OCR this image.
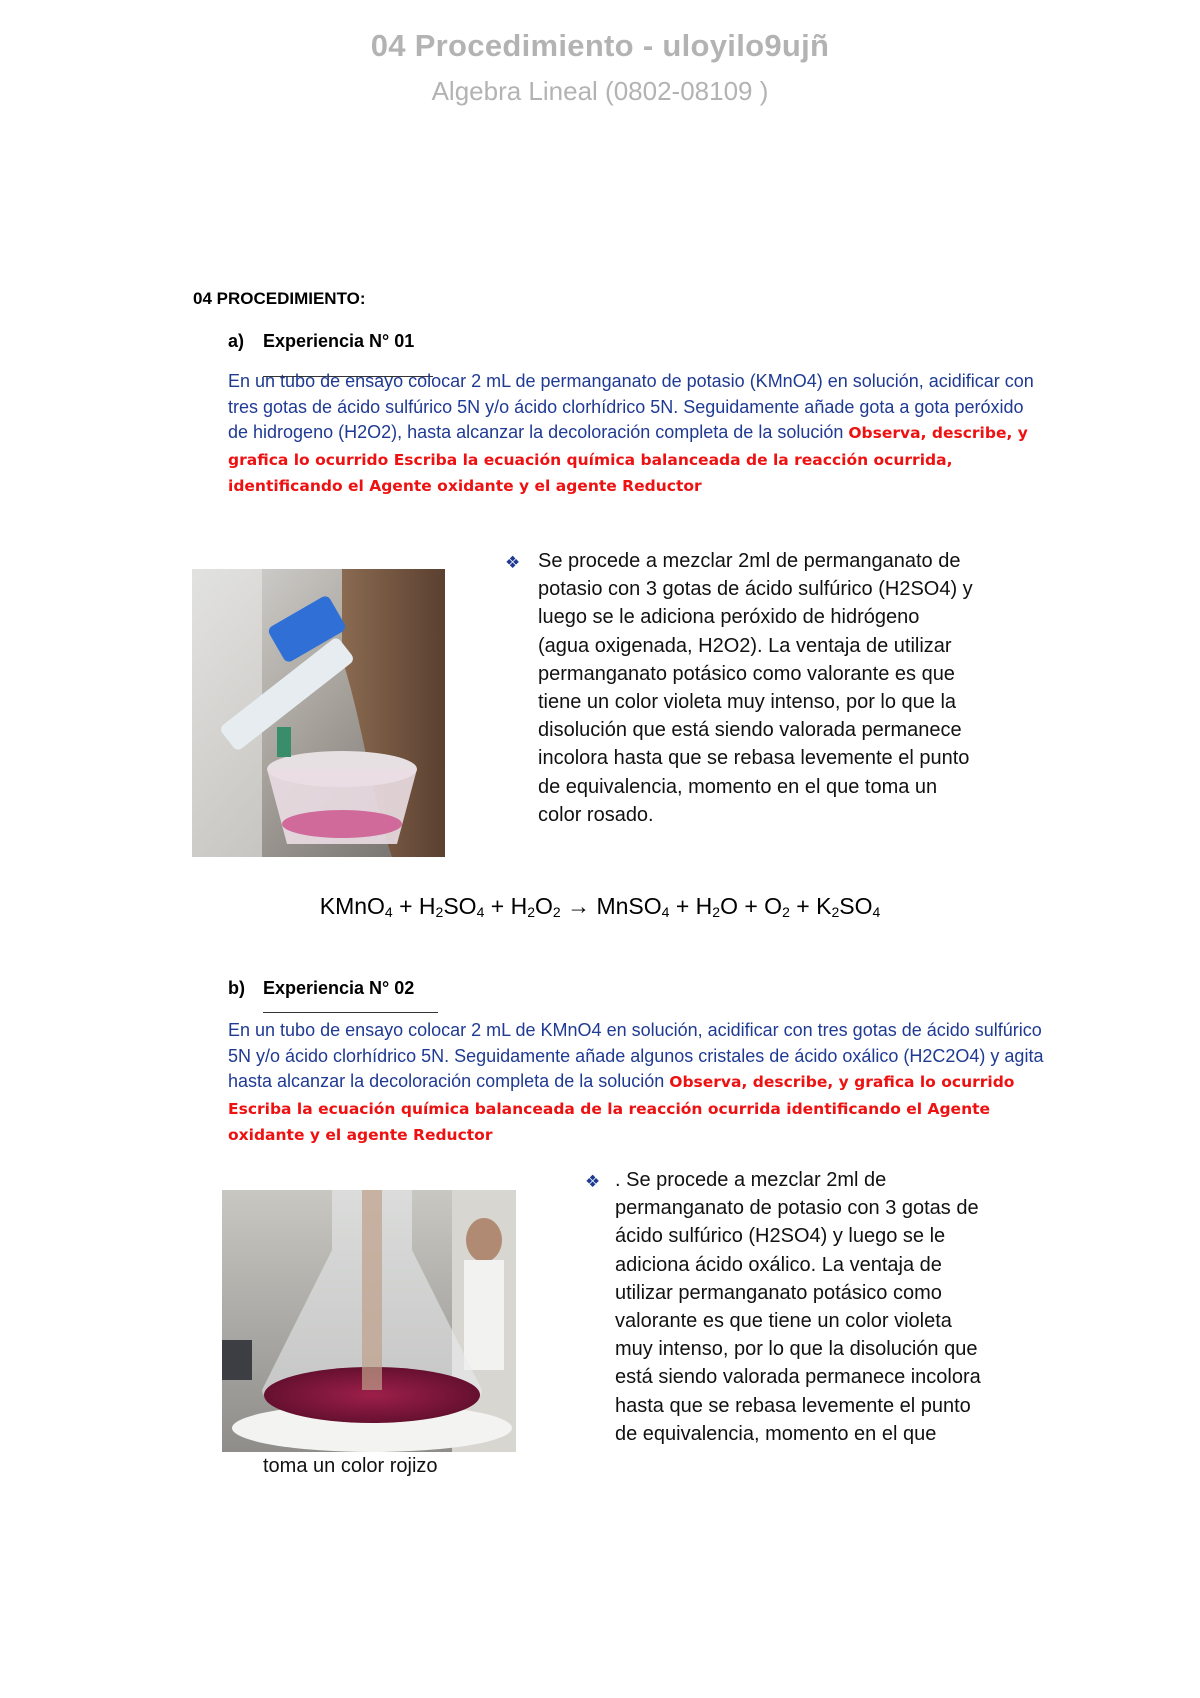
04 Procedimiento - uloyilo9ujñ
Algebra Lineal (0802-08109 )
04 PROCEDIMIENTO:
a) Experiencia N° 01
En un tubo de ensayo colocar 2 mL de permanganato de potasio (KMnO4) en solución, acidificar con tres gotas de ácido sulfúrico 5N y/o ácido clorhídrico 5N. Seguidamente añade gota a gota peróxido de hidrogeno (H2O2), hasta alcanzar la decoloración completa de la solución Observa, describe, y grafica lo ocurrido Escriba la ecuación química balanceada de la reacción ocurrida, identificando el Agente oxidante y el agente Reductor
❖ Se procede a mezclar 2ml de permanganato de
potasio con 3 gotas de ácido sulfúrico (H2SO4) y
luego se le adiciona peróxido de hidrógeno
(agua oxigenada, H2O2). La ventaja de utilizar
permanganato potásico como valorante es que
tiene un color violeta muy intenso, por lo que la
disolución que está siendo valorada permanece
incolora hasta que se rebasa levemente el punto
de equivalencia, momento en el que toma un
color rosado.
KMnO$_4$ + $H_2SO_4 + H_2O_2$ → MnSO$_4$ + $H_2O + O_2 + K_2SO_4$
b) Experiencia N° 02
En un tubo de ensayo colocar 2 mL de KMnO4 en solución, acidificar con tres gotas de ácido sulfúrico 5N y/o ácido clorhídrico 5N. Seguidamente añade algunos cristales de ácido oxálico (H2C2O4) y agita hasta alcanzar la decoloración completa de la solución Observa, describe, y grafica lo ocurrido Escriba la ecuación química balanceada de la reacción ocurrida identificando el Agente oxidante y el agente Reductor
❖ . Se procede a mezclar 2ml de
permanganato de potasio con 3 gotas de
ácido sulfúrico (H2SO4) y luego se le
adiciona ácido oxálico. La ventaja de
utilizar permanganato potásico como
valorante es que tiene un color violeta
muy intenso, por lo que la disolución que
está siendo valorada permanece incolora
hasta que se rebasa levemente el punto
de equivalencia, momento en el que
toma un color rojizo
